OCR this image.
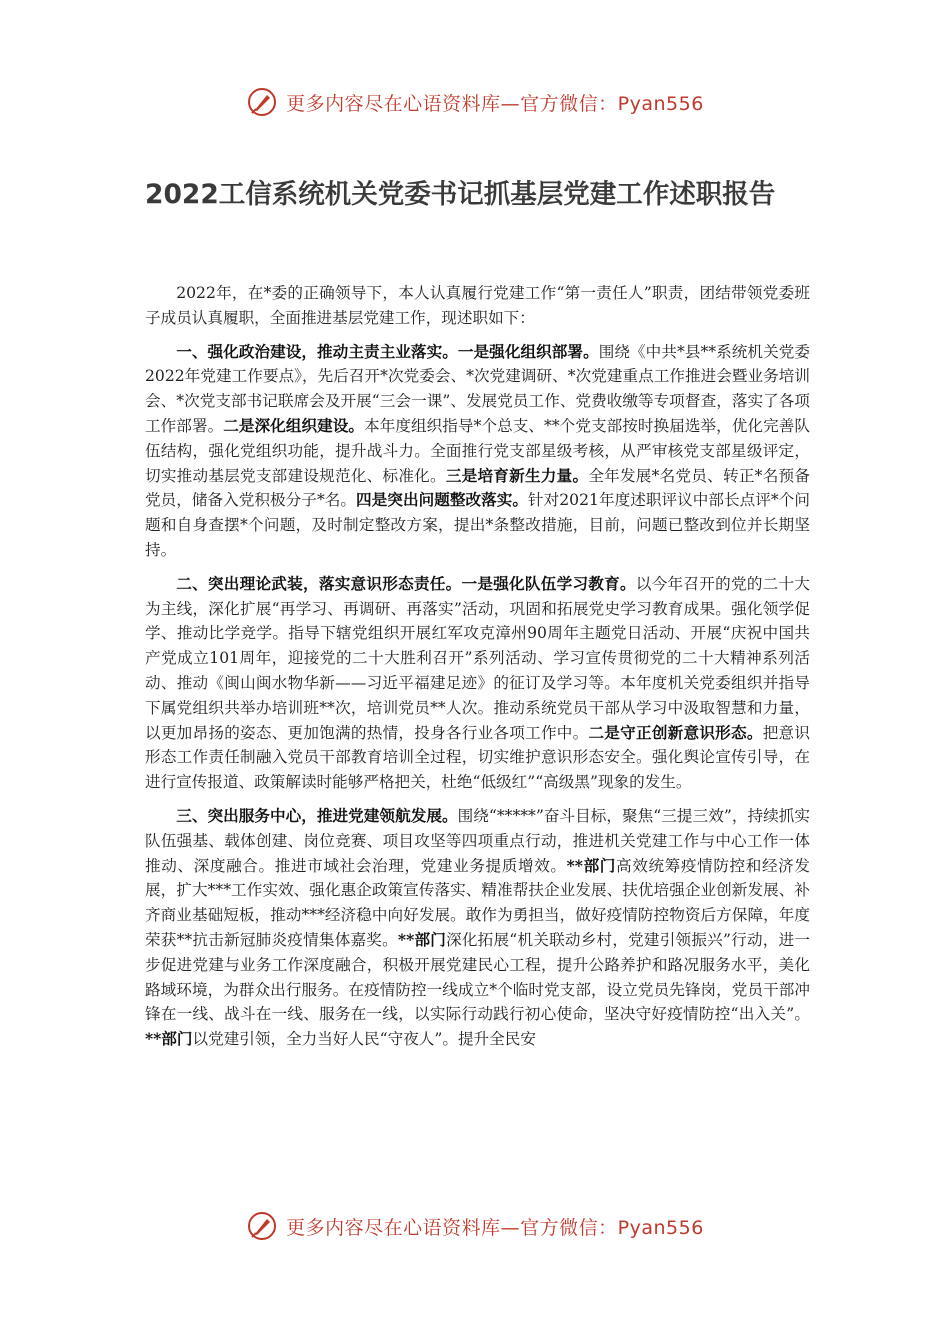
更多内容尽在心语资料库—官方微信：Pyan556
2022工信系统机关党委书记抓基层党建工作述职报告

2022年，在*委的正确领导下，本人认真履行党建工作“第一责任人”职责，团结带领党委班子成员认真履职，全面推进基层党建工作，现述职如下：

一、强化政治建设，推动主责主业落实。一是强化组织部署。围绕《中共*县**系统机关党委2022年党建工作要点》，先后召开*次党委会、*次党建调研、*次党建重点工作推进会暨业务培训会、*次党支部书记联席会及开展“三会一课”、发展党员工作、党费收缴等专项督查，落实了各项工作部署。二是深化组织建设。本年度组织指导*个总支、**个党支部按时换届选举，优化完善队伍结构，强化党组织功能，提升战斗力。全面推行党支部星级考核，从严审核党支部星级评定，切实推动基层党支部建设规范化、标准化。三是培育新生力量。全年发展*名党员、转正*名预备党员，储备入党积极分子*名。四是突出问题整改落实。针对2021年度述职评议中部长点评*个问题和自身查摆*个问题，及时制定整改方案，提出*条整改措施，目前，问题已整改到位并长期坚持。

二、突出理论武装，落实意识形态责任。一是强化队伍学习教育。以今年召开的党的二十大为主线，深化扩展“再学习、再调研、再落实”活动，巩固和拓展党史学习教育成果。强化领学促学、推动比学竞学。指导下辖党组织开展红军攻克漳州90周年主题党日活动、开展“庆祝中国共产党成立101周年，迎接党的二十大胜利召开”系列活动、学习宣传贯彻党的二十大精神系列活动、推动《闽山闽水物华新——习近平福建足迹》的征订及学习等。本年度机关党委组织并指导下属党组织共举办培训班**次，培训党员**人次。推动系统党员干部从学习中汲取智慧和力量，以更加昂扬的姿态、更加饱满的热情，投身各行业各项工作中。二是守正创新意识形态。把意识形态工作责任制融入党员干部教育培训全过程，切实维护意识形态安全。强化舆论宣传引导，在进行宣传报道、政策解读时能够严格把关，杜绝“低级红”“高级黑”现象的发生。

三、突出服务中心，推进党建领航发展。围绕“*****”奋斗目标，聚焦“三提三效”，持续抓实队伍强基、载体创建、岗位竞赛、项目攻坚等四项重点行动，推进机关党建工作与中心工作一体推动、深度融合。推进市域社会治理，党建业务提质增效。**部门高效统筹疫情防控和经济发展，扩大***工作实效、强化惠企政策宣传落实、精准帮扶企业发展、扶优培强企业创新发展、补齐商业基础短板，推动***经济稳中向好发展。敢作为勇担当，做好疫情防控物资后方保障，年度荣获**抗击新冠肺炎疫情集体嘉奖。**部门深化拓展“机关联动乡村，党建引领振兴”行动，进一步促进党建与业务工作深度融合，积极开展党建民心工程，提升公路养护和路况服务水平，美化路域环境，为群众出行服务。在疫情防控一线成立*个临时党支部，设立党员先锋岗，党员干部冲锋在一线、战斗在一线、服务在一线，以实际行动践行初心使命，坚决守好疫情防控“出入关”。**部门以党建引领，全力当好人民“守夜人”。提升全民安

更多内容尽在心语资料库—官方微信：Pyan556
